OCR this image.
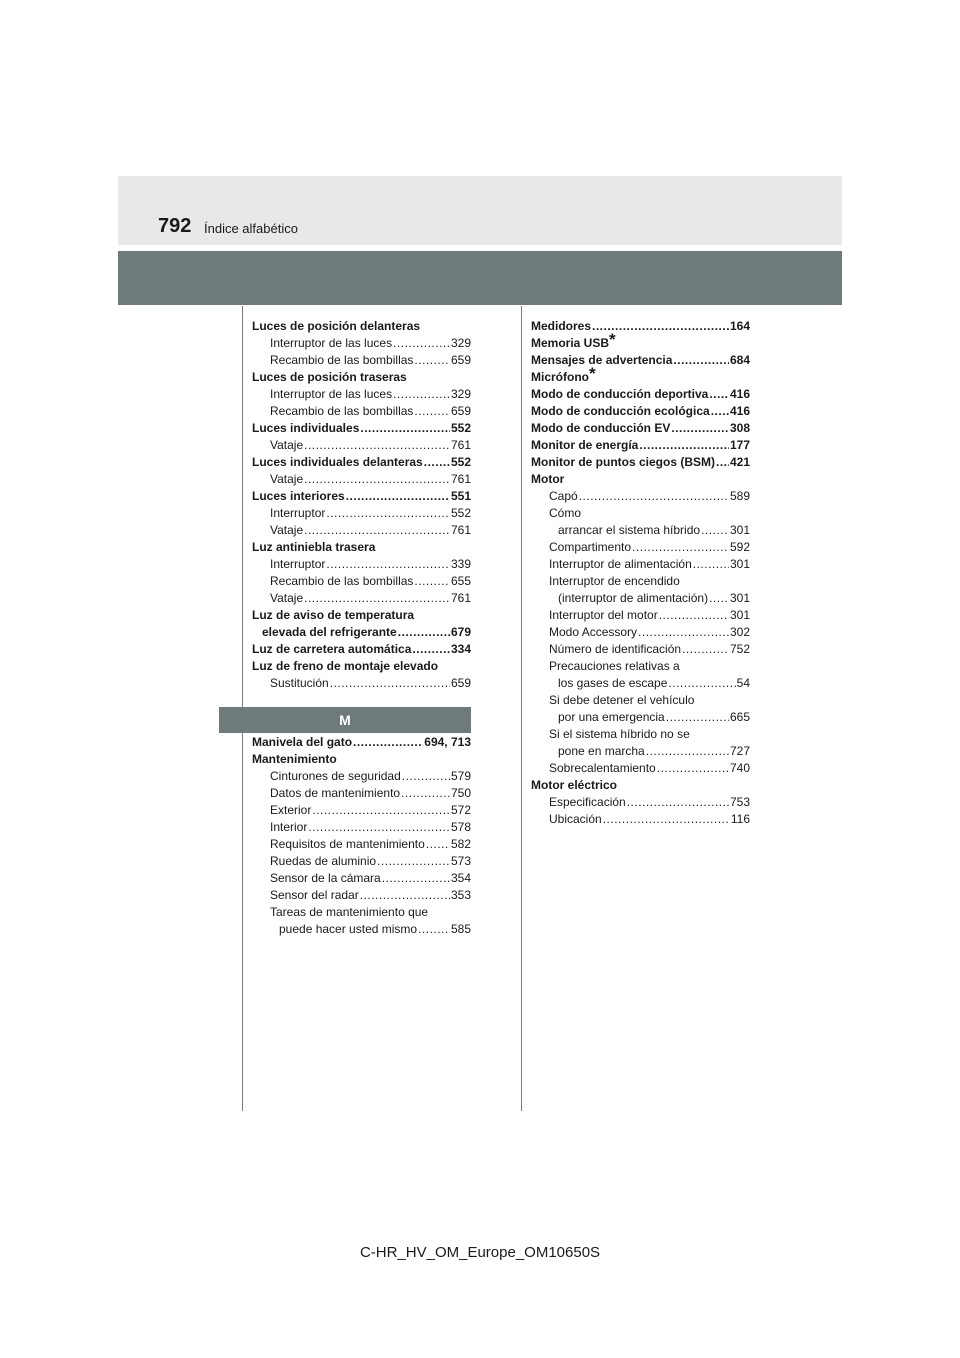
792 Índice alfabético
Luces de posición delanteras
Interruptor de las luces .....	329
Recambio de las bombillas .....	659
Luces de posición traseras
Interruptor de las luces .....	329
Recambio de las bombillas .....	659
Luces individuales .....	552
Vataje .....	761
Luces individuales delanteras ..... 552
Vataje .....	761
Luces interiores .....	551
Interruptor .....	552
Vataje .....	761
Luz antiniebla trasera
Interruptor .....	339
Recambio de las bombillas .....	655
Vataje .....	761
Luz de aviso de temperatura
elevada del refrigerante .....	679
Luz de carretera automática .....	334
Luz de freno de montaje elevado
Sustitución .....	659
M
Manivela del gato .....	694, 713
Mantenimiento
Cinturones de seguridad .....	579
Datos de mantenimiento .....	750
Exterior .....	572
Interior .....	578
Requisitos de mantenimiento ..... 582
Ruedas de aluminio .....	573
Sensor de la cámara .....	354
Sensor del radar .....	353
Tareas de mantenimiento que
puede hacer usted mismo .....	585
Medidores .....	164
Memoria USB*
Mensajes de advertencia .....	684
Micrófono*
Modo de conducción deportiva ..... 416
Modo de conducción ecológica ..... 416
Modo de conducción EV .....	308
Monitor de energía .....	177
Monitor de puntos ciegos (BSM) ..... 421
Motor
Capó .....	589
Cómo
arrancar el sistema híbrido ..... 301
Compartimento .....	592
Interruptor de alimentación .....	301
Interruptor de encendido
(interruptor de alimentación) ..... 301
Interruptor del motor .....	301
Modo Accessory .....	302
Número de identificación .....	752
Precauciones relativas a
los gases de escape .....	54
Si debe detener el vehículo
por una emergencia .....	665
Si el sistema híbrido no se
pone en marcha .....	727
Sobrecalentamiento .....	740
Motor eléctrico
Especificación .....	753
Ubicación .....	116
C-HR_HV_OM_Europe_OM10650S
